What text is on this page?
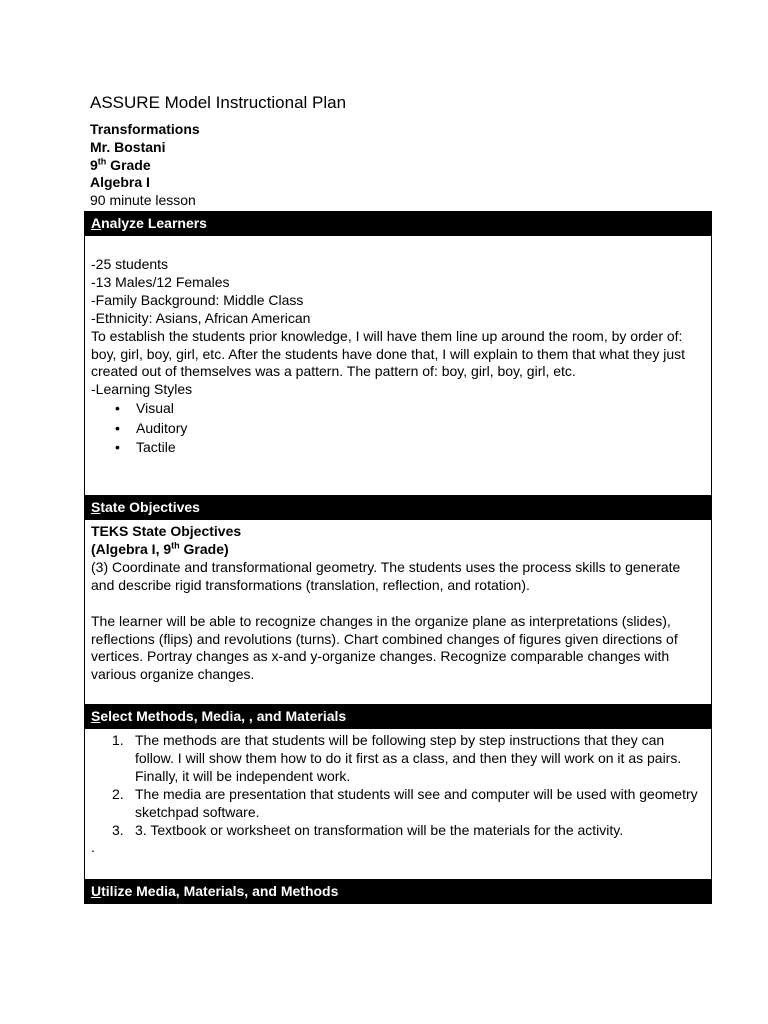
ASSURE Model Instructional Plan
Transformations
Mr. Bostani
9th Grade
Algebra I
90 minute lesson
Analyze Learners
-25 students
-13 Males/12 Females
-Family Background: Middle Class
-Ethnicity: Asians, African American
To establish the students prior knowledge, I will have them line up around the room, by order of: boy, girl, boy, girl, etc. After the students have done that, I will explain to them that what they just created out of themselves was a pattern. The pattern of: boy, girl, boy, girl, etc.
-Learning Styles
• Visual
• Auditory
• Tactile
State Objectives
TEKS State Objectives
(Algebra I, 9th Grade)
(3) Coordinate and transformational geometry. The students uses the process skills to generate and describe rigid transformations (translation, reflection, and rotation).
The learner will be able to recognize changes in the organize plane as interpretations (slides), reflections (flips) and revolutions (turns). Chart combined changes of figures given directions of vertices. Portray changes as x-and y-organize changes. Recognize comparable changes with various organize changes.
Select Methods, Media, , and Materials
1. The methods are that students will be following step by step instructions that they can follow. I will show them how to do it first as a class, and then they will work on it as pairs. Finally, it will be independent work.
2. The media are presentation that students will see and computer will be used with geometry sketchpad software.
3. 3. Textbook or worksheet on transformation will be the materials for the activity.
.
Utilize Media, Materials, and Methods
